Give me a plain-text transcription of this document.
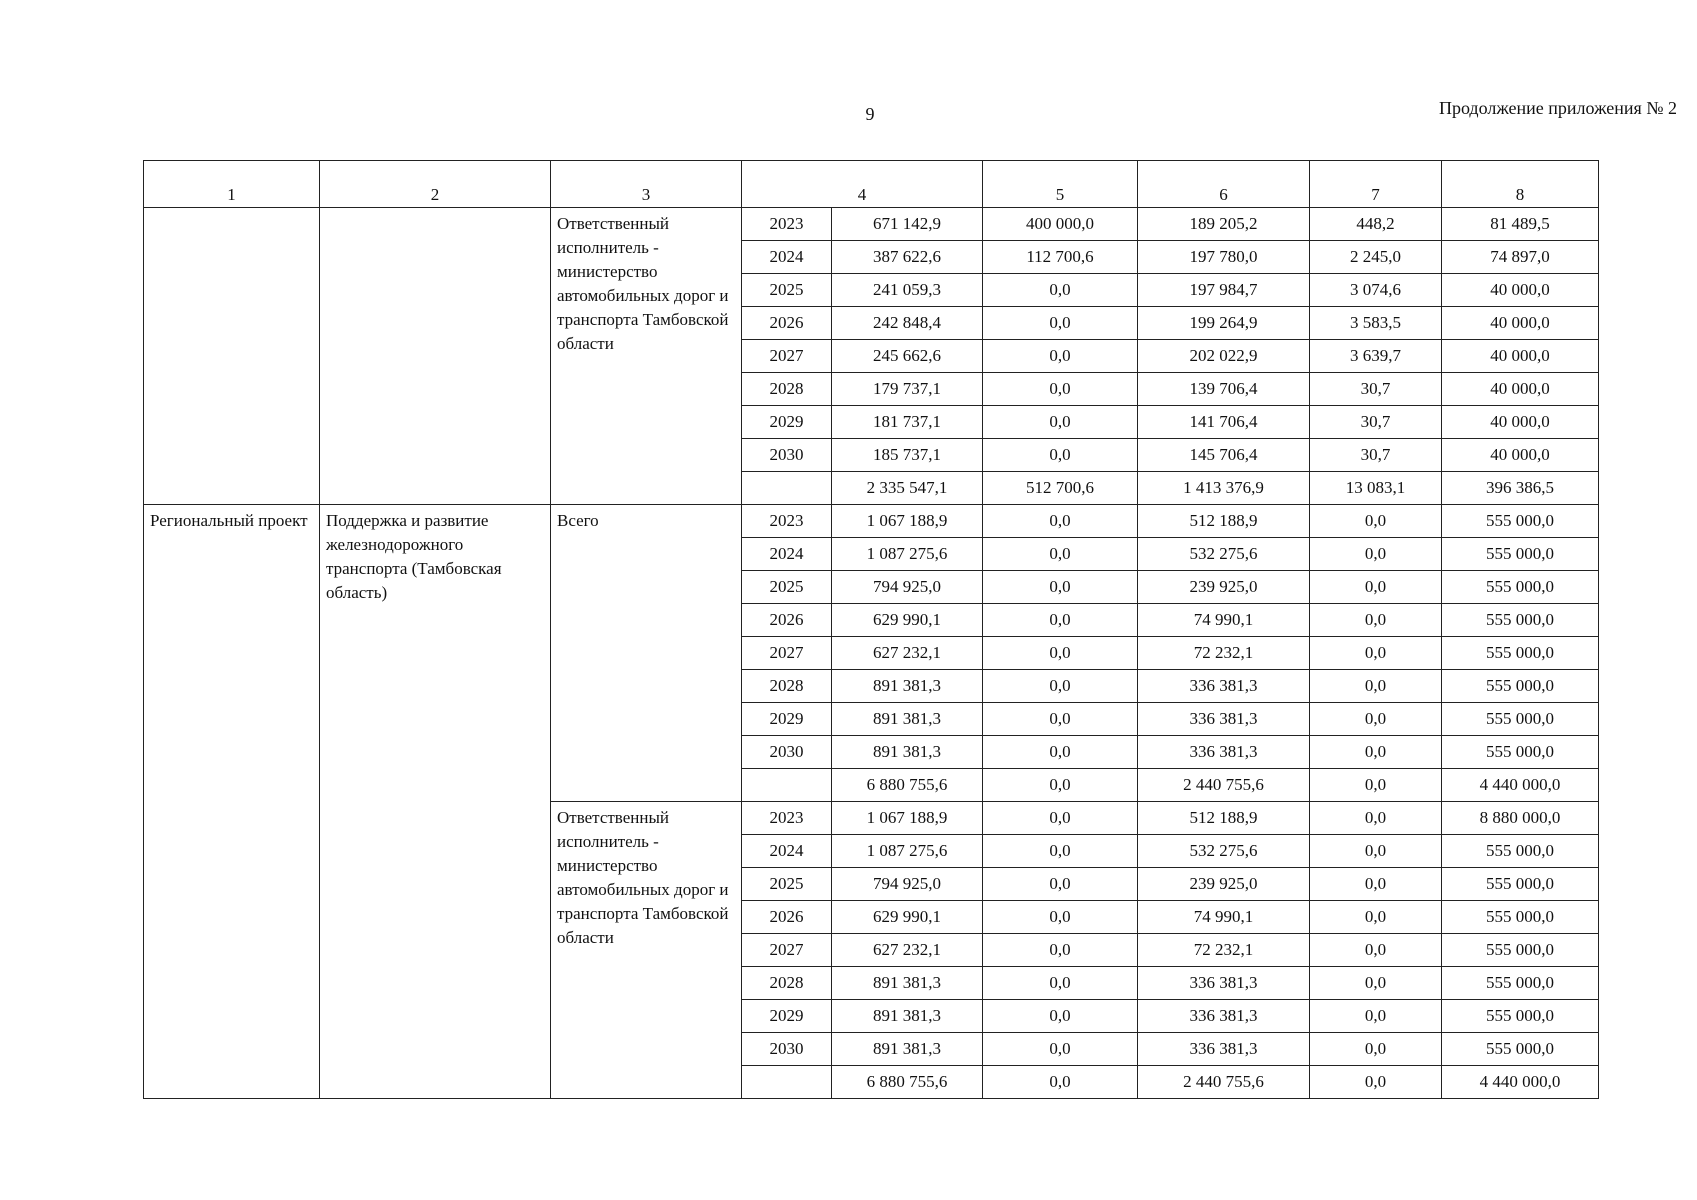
9	Продолжение приложения № 2
1	2	3	4		5	6	7	8
		Ответственный исполнитель - министерство автомобильных дорог и транспорта Тамбовской области	2023	671 142,9	400 000,0	189 205,2	448,2	81 489,5
			2024	387 622,6	112 700,6	197 780,0	2 245,0	74 897,0
			2025	241 059,3	0,0	197 984,7	3 074,6	40 000,0
			2026	242 848,4	0,0	199 264,9	3 583,5	40 000,0
			2027	245 662,6	0,0	202 022,9	3 639,7	40 000,0
			2028	179 737,1	0,0	139 706,4	30,7	40 000,0
			2029	181 737,1	0,0	141 706,4	30,7	40 000,0
			2030	185 737,1	0,0	145 706,4	30,7	40 000,0
				2 335 547,1	512 700,6	1 413 376,9	13 083,1	396 386,5
Региональный проект	Поддержка и развитие железнодорожного транспорта (Тамбовская область)	Всего	2023	1 067 188,9	0,0	512 188,9	0,0	555 000,0
			2024	1 087 275,6	0,0	532 275,6	0,0	555 000,0
			2025	794 925,0	0,0	239 925,0	0,0	555 000,0
			2026	629 990,1	0,0	74 990,1	0,0	555 000,0
			2027	627 232,1	0,0	72 232,1	0,0	555 000,0
			2028	891 381,3	0,0	336 381,3	0,0	555 000,0
			2029	891 381,3	0,0	336 381,3	0,0	555 000,0
			2030	891 381,3	0,0	336 381,3	0,0	555 000,0
				6 880 755,6	0,0	2 440 755,6	0,0	4 440 000,0
		Ответственный исполнитель - министерство автомобильных дорог и транспорта Тамбовской области	2023	1 067 188,9	0,0	512 188,9	0,0	8 880 000,0
			2024	1 087 275,6	0,0	532 275,6	0,0	555 000,0
			2025	794 925,0	0,0	239 925,0	0,0	555 000,0
			2026	629 990,1	0,0	74 990,1	0,0	555 000,0
			2027	627 232,1	0,0	72 232,1	0,0	555 000,0
			2028	891 381,3	0,0	336 381,3	0,0	555 000,0
			2029	891 381,3	0,0	336 381,3	0,0	555 000,0
			2030	891 381,3	0,0	336 381,3	0,0	555 000,0
				6 880 755,6	0,0	2 440 755,6	0,0	4 440 000,0
